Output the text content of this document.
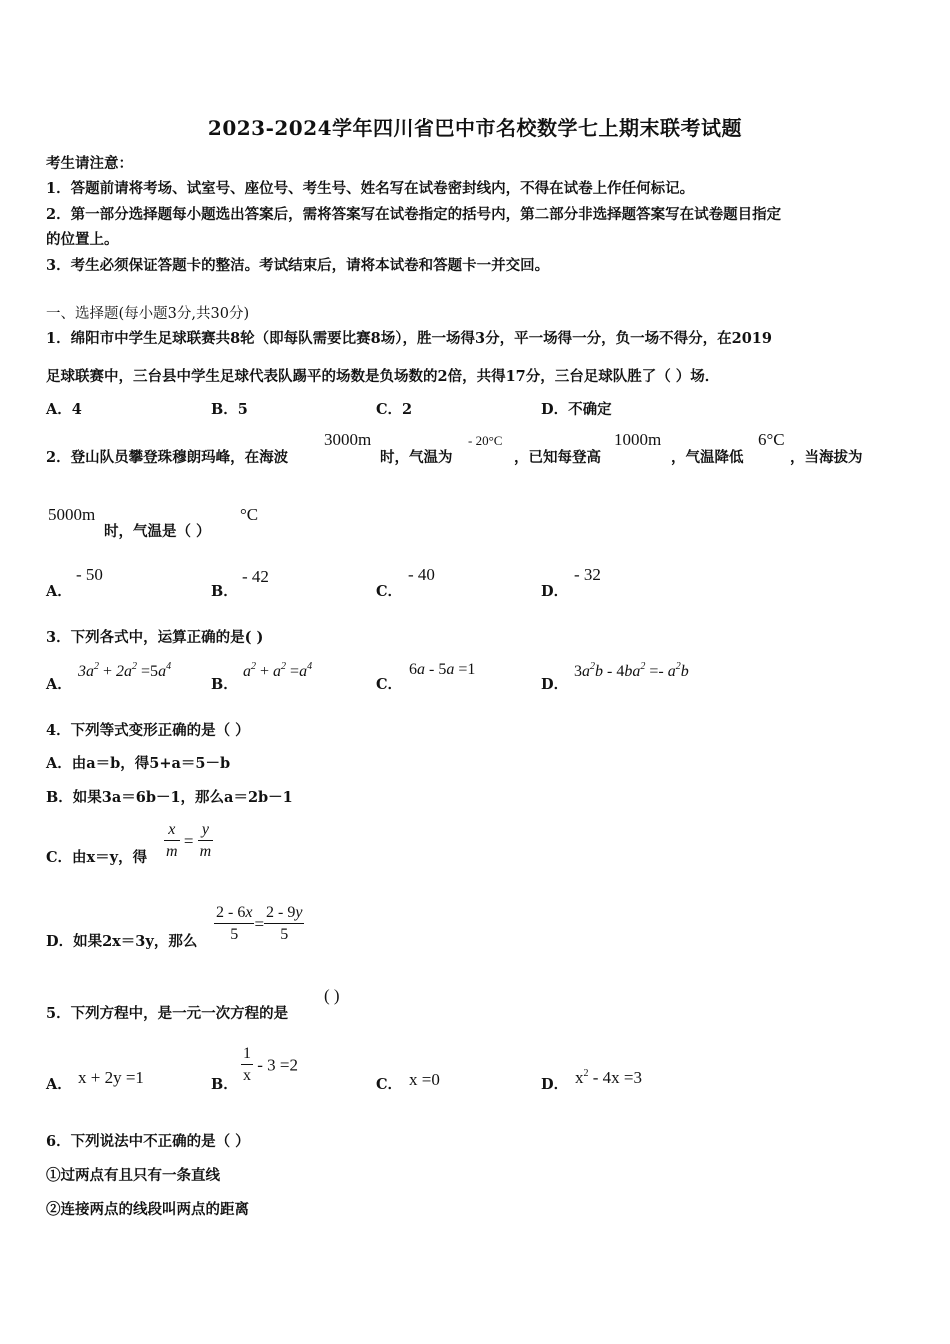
2023-2024学年四川省巴中市名校数学七上期末联考试题
考生请注意：
1．答题前请将考场、试室号、座位号、考生号、姓名写在试卷密封线内，不得在试卷上作任何标记。
2．第一部分选择题每小题选出答案后，需将答案写在试卷指定的括号内，第二部分非选择题答案写在试卷题目指定
的位置上。
3．考生必须保证答题卡的整洁。考试结束后，请将本试卷和答题卡一并交回。
一、选择题(每小题3分,共30分)
1．绵阳市中学生足球联赛共8轮（即每队需要比赛8场），胜一场得3分，平一场得一分，负一场不得分，在2019
足球联赛中，三台县中学生足球代表队踢平的场数是负场数的2倍，共得17分，三台足球队胜了（ ）场．
A．4	B．5	C．2	D．不确定
2．登山队员攀登珠穆朗玛峰，在海波
3000m
时，气温为
- 20°C
，已知每登高
1000m
，气温降低
6°C
，当海拔为
5000m
时，气温是（ ）
°C
A．
- 50
B．
- 42
C．
- 40
D．
- 32
3．下列各式中，运算正确的是( )
A．
$3a^2 + 2a^2 =5a^4$
B．
$a^2 + a^2 =a^4$
C．
6a - 5a =1
D．
$3a^2b - 4ba^2 =- a^2b$
4．下列等式变形正确的是（ ）
A．由a＝b，得5+a＝5－b
B．如果3a＝6b－1，那么a＝2b－1
C．由x＝y，得 $\frac{x}{m} = \frac{y}{m}$
D．如果2x＝3y，那么 $\frac{2 - 6x}{5} = \frac{2 - 9y}{5}$
5．下列方程中，是一元一次方程的是
( )
A． x + 2y =1	B． $\frac{1}{x} - 3 =2$
C． x =0	D． $x^2 - 4x =3$
6．下列说法中不正确的是（ ）
①过两点有且只有一条直线
②连接两点的线段叫两点的距离
